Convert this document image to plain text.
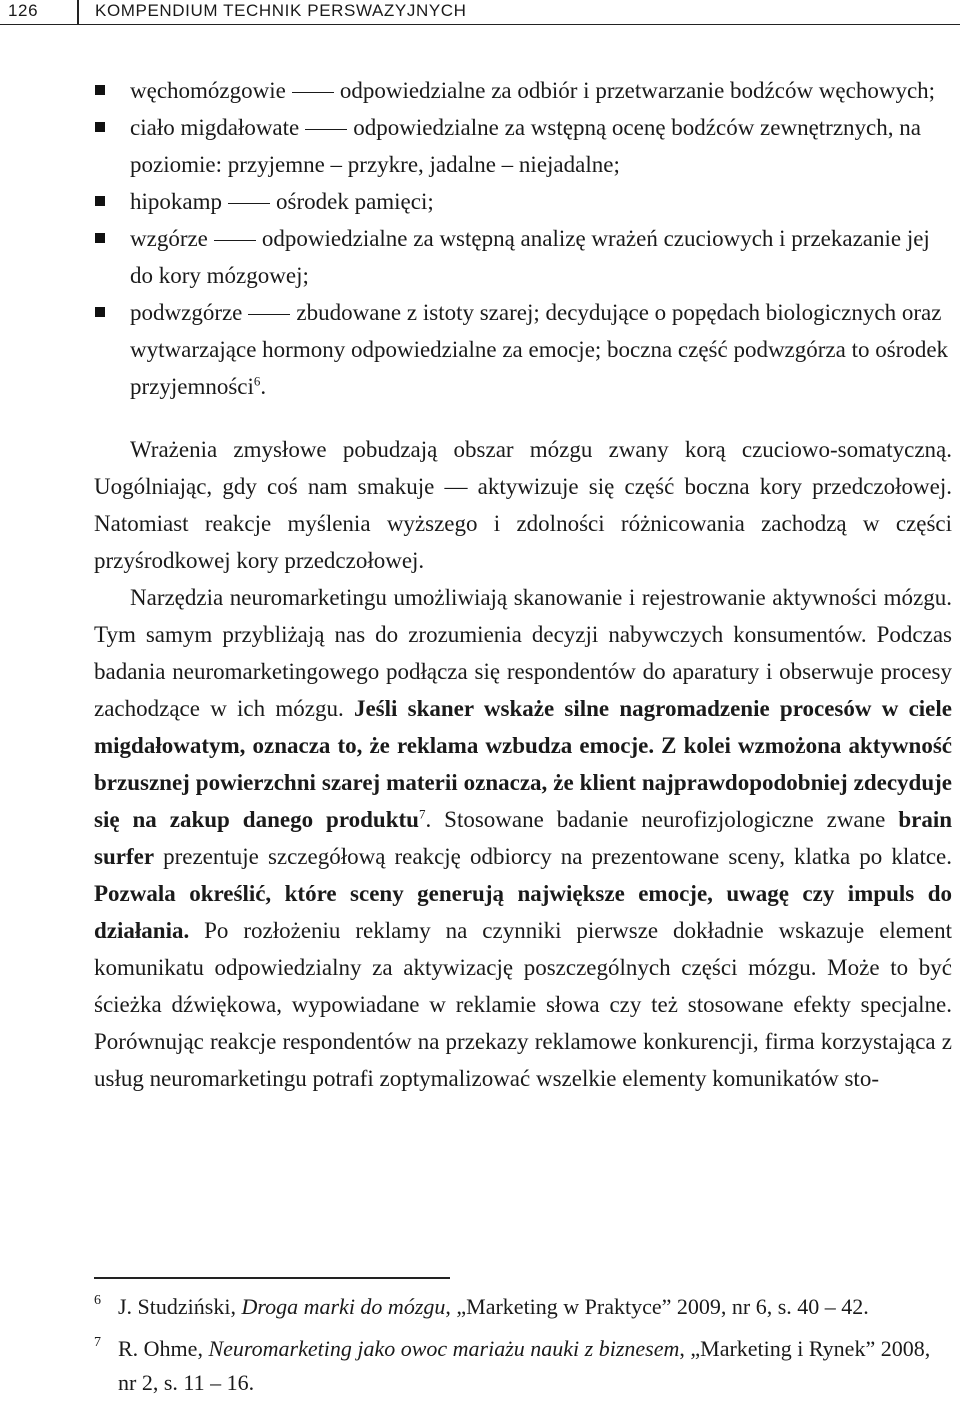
126	KOMPENDIUM TECHNIK PERSWAZYJNYCH
węchomózgowie odpowiedzialne za odbiór i przetwarzanie bodźców węchowych;
ciało migdałowate odpowiedzialne za wstępną ocenę bodźców zewnętrznych, na poziomie: przyjemne – przykre, jadalne – niejadalne;
hipokamp ośrodek pamięci;
wzgórze odpowiedzialne za wstępną analizę wrażeń czuciowych i przekazanie jej do kory mózgowej;
podwzgórze zbudowane z istoty szarej; decydujące o popędach biologicznych oraz wytwarzające hormony odpowiedzialne za emocje; boczna część podwzgórza to ośrodek przyjemności$^6$.

Wrażenia zmysłowe pobudzają obszar mózgu zwany korą czuciowo-somatyczną. Uogólniając, gdy coś nam smakuje — aktywizuje się część boczna kory przedczołowej. Natomiast reakcje myślenia wyższego i zdolności różnicowania zachodzą w części przyśrodkowej kory przedczołowej.

Narzędzia neuromarketingu umożliwiają skanowanie i rejestrowanie aktywności mózgu. Tym samym przybliżają nas do zrozumienia decyzji nabywczych konsumentów. Podczas badania neuromarketingowego podłącza się respondentów do aparatury i obserwuje procesy zachodzące w ich mózgu. Jeśli skaner wskaże silne nagromadzenie procesów w ciele migdałowatym, oznacza to, że reklama wzbudza emocje. Z kolei wzmożona aktywność brzusznej powierzchni szarej materii oznacza, że klient najprawdopodobniej zdecyduje się na zakup danego produktu$^7$. Stosowane badanie neurofizjologiczne zwane brain surfer prezentuje szczegółową reakcję odbiorcy na prezentowane sceny, klatka po klatce. Pozwala określić, które sceny generują największe emocje, uwagę czy impuls do działania. Po rozłożeniu reklamy na czynniki pierwsze dokładnie wskazuje element komunikatu odpowiedzialny za aktywizację poszczególnych części mózgu. Może to być ścieżka dźwiękowa, wypowiadane w reklamie słowa czy też stosowane efekty specjalne. Porównując reakcje respondentów na przekazy reklamowe konkurencji, firma korzystająca z usług neuromarketingu potrafi zoptymalizować wszelkie elementy komunikatów sto-

6 J. Studziński, Droga marki do mózgu, „Marketing w Praktyce” 2009, nr 6, s. 40 – 42.
7 R. Ohme, Neuromarketing jako owoc mariażu nauki z biznesem, „Marketing i Rynek” 2008, nr 2, s. 11 – 16.
